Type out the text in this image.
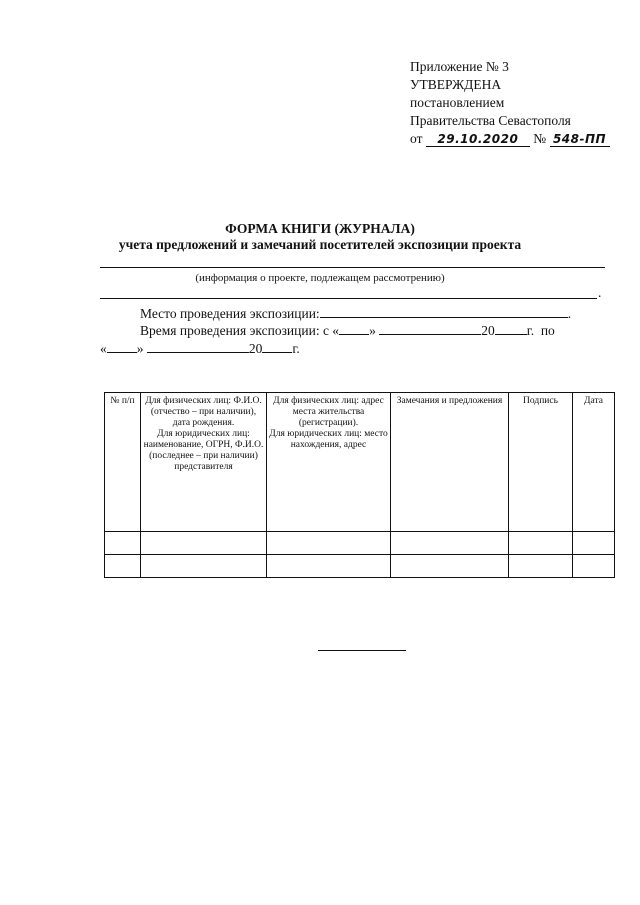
Приложение № 3
УТВЕРЖДЕНА
постановлением
Правительства Севастополя
от 29.10.2020 № 548-ПП
ФОРМА КНИГИ (ЖУРНАЛА)
учета предложений и замечаний посетителей экспозиции проекта
(информация о проекте, подлежащем рассмотрению)
.
Место проведения экспозиции:	.
Время проведения экспозиции: с « »	20 г. по
« »	20 г.
№ п/п	Для физических лиц: Ф.И.О. (отчество – при наличии), дата рождения.
Для юридических лиц: наименование, ОГРН, Ф.И.О. (последнее – при наличии) представителя	Для физических лиц: адрес места жительства (регистрации).
Для юридических лиц: место нахождения, адрес	Замечания и предложения	Подпись	Дата
